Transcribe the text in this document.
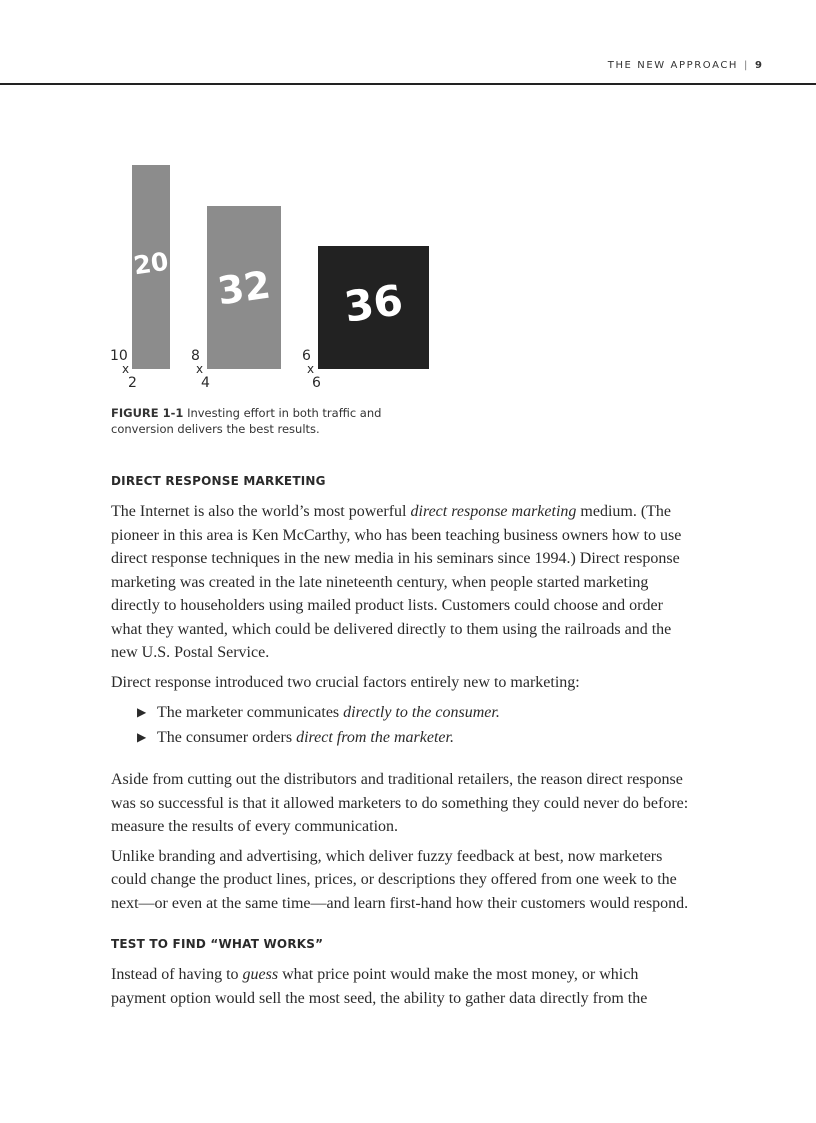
THE NEW APPROACH | 9
20 32	36
10
x
2
8
x
4
6
x
6
FIGURE 1-1 Investing effort in both traffic and conversion delivers the best results.
DIRECT RESPONSE MARKETING

The Internet is also the world’s most powerful direct response marketing medium. (The pioneer in this area is Ken McCarthy, who has been teaching business owners how to use direct response techniques in the new media in his seminars since 1994.) Direct response marketing was created in the late nineteenth century, when people started marketing directly to householders using mailed product lists. Customers could choose and order what they wanted, which could be delivered directly to them using the railroads and the new U.S. Postal Service.

Direct response introduced two crucial factors entirely new to marketing:

▶ The marketer communicates directly to the consumer.
▶ The consumer orders direct from the marketer.

Aside from cutting out the distributors and traditional retailers, the reason direct response was so successful is that it allowed marketers to do something they could never do before: measure the results of every communication.

Unlike branding and advertising, which deliver fuzzy feedback at best, now marketers could change the product lines, prices, or descriptions they offered from one week to the next—or even at the same time—and learn first-hand how their customers would respond.

TEST TO FIND “WHAT WORKS”

Instead of having to guess what price point would make the most money, or which payment option would sell the most seed, the ability to gather data directly from the
